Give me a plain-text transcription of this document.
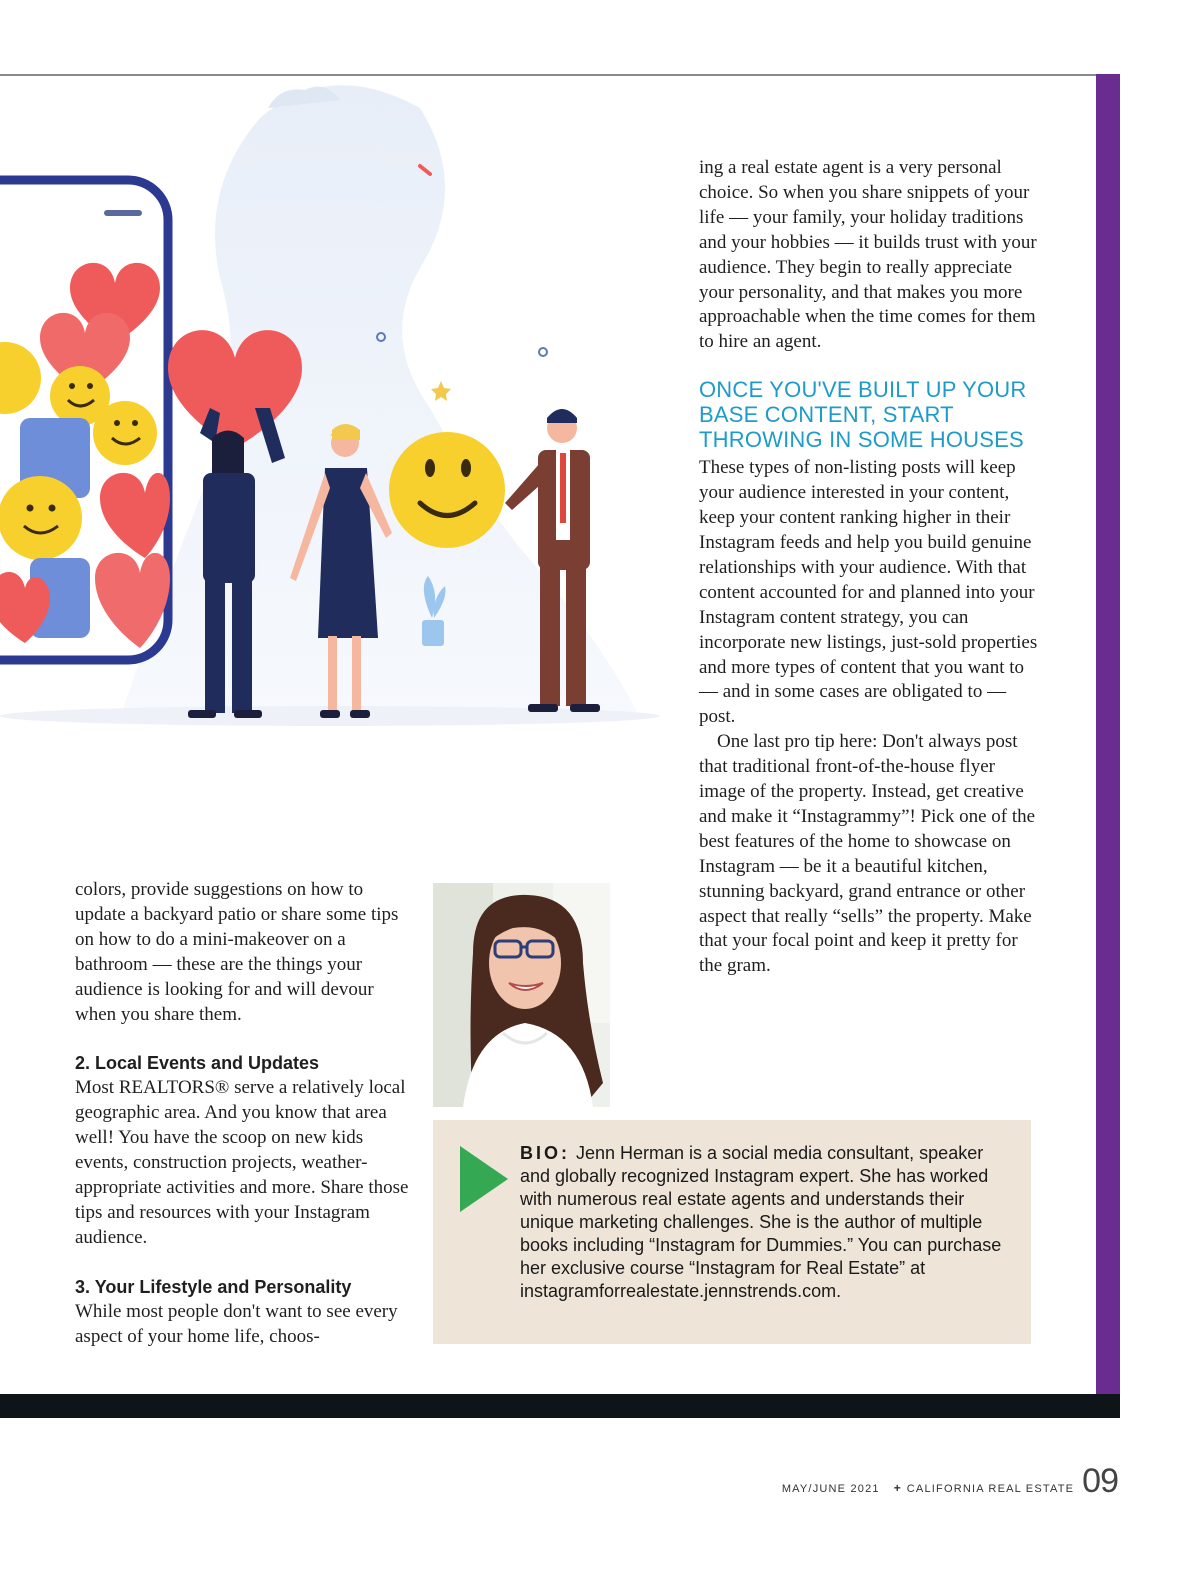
ing a real estate agent is a very personal choice. So when you share snippets of your life — your family, your holiday traditions and your hobbies — it builds trust with your audience. They begin to really appreciate your personality, and that makes you more approachable when the time comes for them to hire an agent.

ONCE YOU'VE BUILT UP YOUR BASE CONTENT, START THROWING IN SOME HOUSES

These types of non-listing posts will keep your audience interested in your content, keep your content ranking higher in their Instagram feeds and help you build genuine relationships with your audience. With that content accounted for and planned into your Instagram content strategy, you can incorporate new listings, just-sold properties and more types of content that you want to — and in some cases are obligated to — post.

One last pro tip here: Don't always post that traditional front-of-the-house flyer image of the property. Instead, get creative and make it “Instagrammy”! Pick one of the best features of the home to showcase on Instagram — be it a beautiful kitchen, stunning backyard, grand entrance or other aspect that really “sells” the property. Make that your focal point and keep it pretty for the gram.

colors, provide suggestions on how to update a backyard patio or share some tips on how to do a mini-makeover on a bathroom — these are the things your audience is looking for and will devour when you share them.

2. Local Events and Updates

Most REALTORS® serve a relatively local geographic area. And you know that area well! You have the scoop on new kids events, construction projects, weather-appropriate activities and more. Share those tips and resources with your Instagram audience.

3. Your Lifestyle and Personality

While most people don't want to see every aspect of your home life, choos-

BIO: Jenn Herman is a social media consultant, speaker and globally recognized Instagram expert. She has worked with numerous real estate agents and understands their unique marketing challenges. She is the author of multiple books including “Instagram for Dummies.” You can purchase her exclusive course “Instagram for Real Estate” at instagramforrealestate.jennstrends.com.
MAY/JUNE 2021 + CALIFORNIA REAL ESTATE 09
